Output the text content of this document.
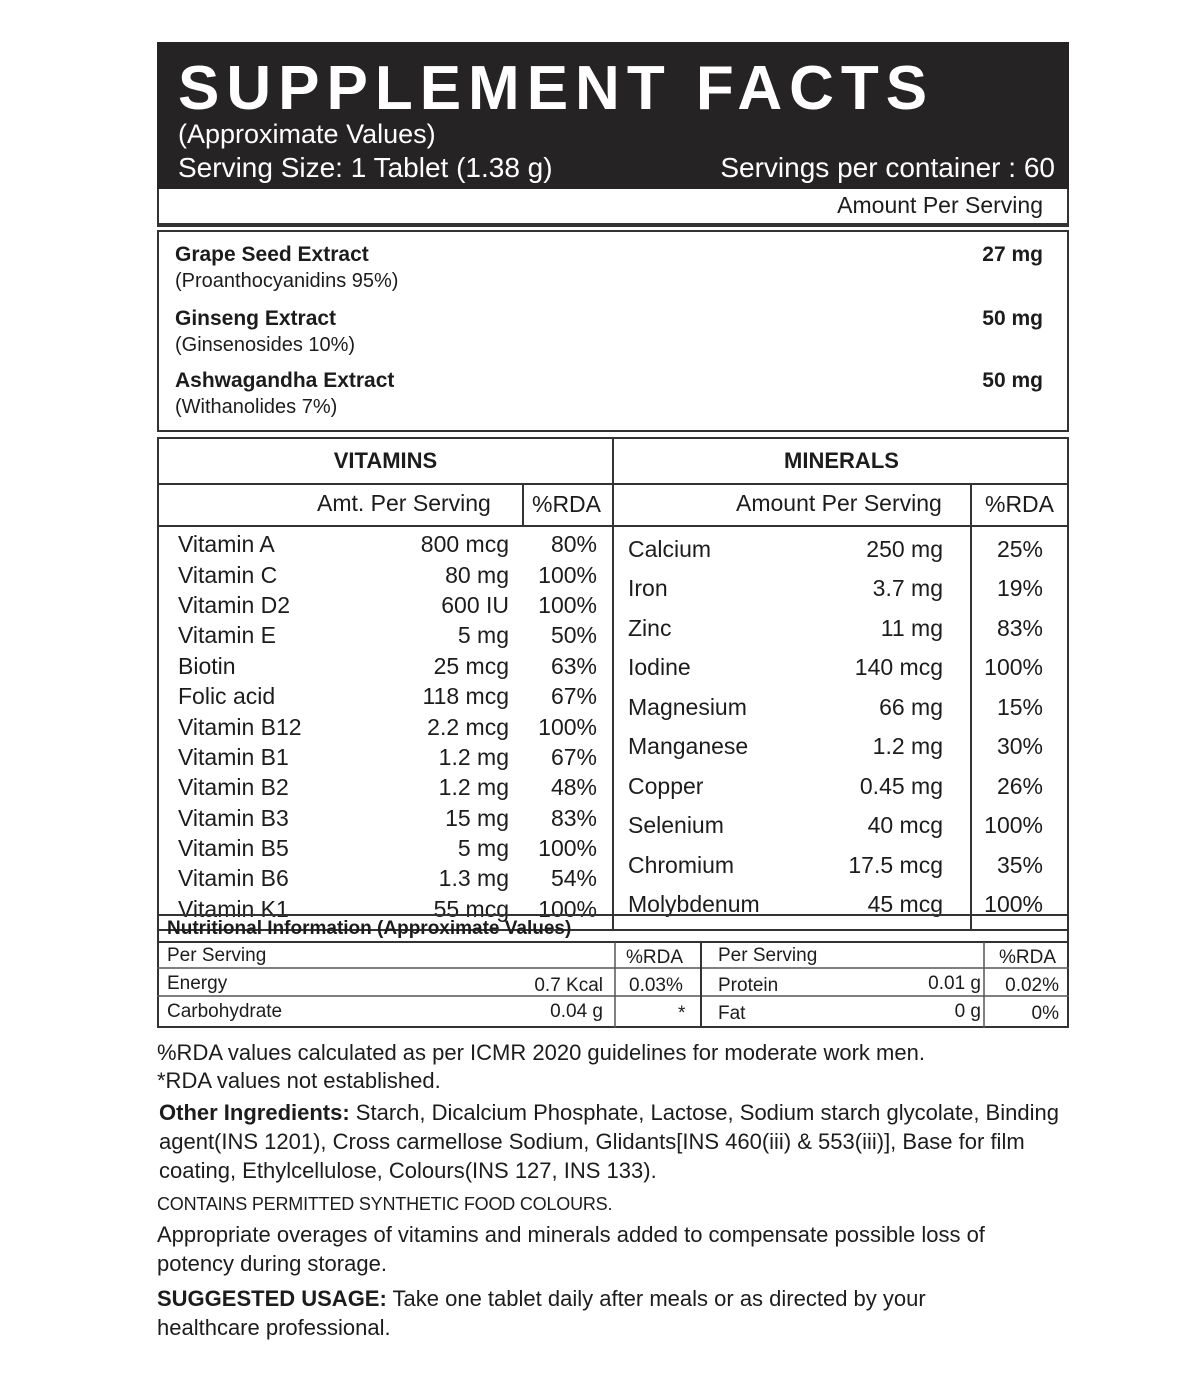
SUPPLEMENT FACTS
(Approximate Values)
Serving Size: 1 Tablet (1.38 g)	Servings per container : 60
Amount Per Serving
Grape Seed Extract
(Proanthocyanidins 95%)
27 mg
Ginseng Extract
(Ginsenosides 10%)
50 mg
Ashwagandha Extract
(Withanolides 7%)
50 mg
VITAMINS	MINERALS
Amt. Per Serving %RDA	Amount Per Serving %RDA
Vitamin A	800 mcg 80%
Vitamin C	80 mg 100%
Vitamin D2	600 IU 100%
Vitamin E	5 mg 50%
Biotin	25 mcg 63%
Folic acid	118 mcg 67%
Vitamin B12	2.2 mcg 100%
Vitamin B1	1.2 mg 67%
Vitamin B2	1.2 mg 48%
Vitamin B3	15 mg 83%
Vitamin B5	5 mg 100%
Vitamin B6	1.3 mg 54%
Vitamin K1	55 mcg 100%
Calcium	250 mg 25%
Iron	3.7 mg 19%
Zinc	11 mg 83%
Iodine	140 mcg 100%
Magnesium	66 mg 15%
Manganese	1.2 mg 30%
Copper	0.45 mg 26%
Selenium	40 mcg 100%
Chromium	17.5 mcg 35%
Molybdenum	45 mcg 100%
Nutritional Information (Approximate Values)
Per Serving	%RDA Per Serving	%RDA
Energy	0.7 Kcal 0.03%
Carbohydrate	0.04 g	*
Protein	0.01 g 0.02%
Fat	0 g	0%
%RDA values calculated as per ICMR 2020 guidelines for moderate work men.
*RDA values not established.
Other Ingredients: Starch, Dicalcium Phosphate, Lactose, Sodium starch glycolate, Binding agent(INS 1201), Cross carmellose Sodium, Glidants[INS 460(iii) & 553(iii)], Base for film coating, Ethylcellulose, Colours(INS 127, INS 133).
CONTAINS PERMITTED SYNTHETIC FOOD COLOURS.
Appropriate overages of vitamins and minerals added to compensate possible loss of potency during storage.
SUGGESTED USAGE: Take one tablet daily after meals or as directed by your healthcare professional.
